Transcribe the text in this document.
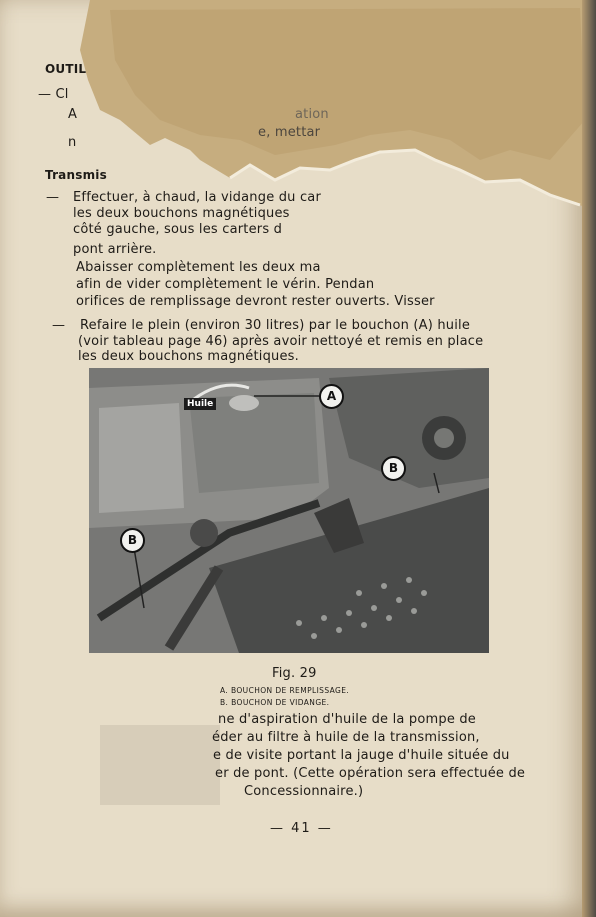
OUTIL
— Cl
A	ation
n
e, mettar
Transmis
— Effectuer, à chaud, la vidange du car
les deux bouchons magnétiques
côté gauche, sous les carters d
pont arrière.
Abaisser complètement les deux ma
afin de vider complètement le vérin. Pendan
orifices de remplissage devront rester ouverts. Visser
— Refaire le plein (environ 30 litres) par le bouchon (A) huile
(voir tableau page 46) après avoir nettoyé et remis en place
les deux bouchons magnétiques.
Huile
A
B
B
Fig. 29
A. BOUCHON DE REMPLISSAGE.
B. BOUCHON DE VIDANGE.
ne d'aspiration d'huile de la pompe de
éder au filtre à huile de la transmission,
e de visite portant la jauge d'huile située du
er de pont. (Cette opération sera effectuée de
Concessionnaire.)
— 41 —
